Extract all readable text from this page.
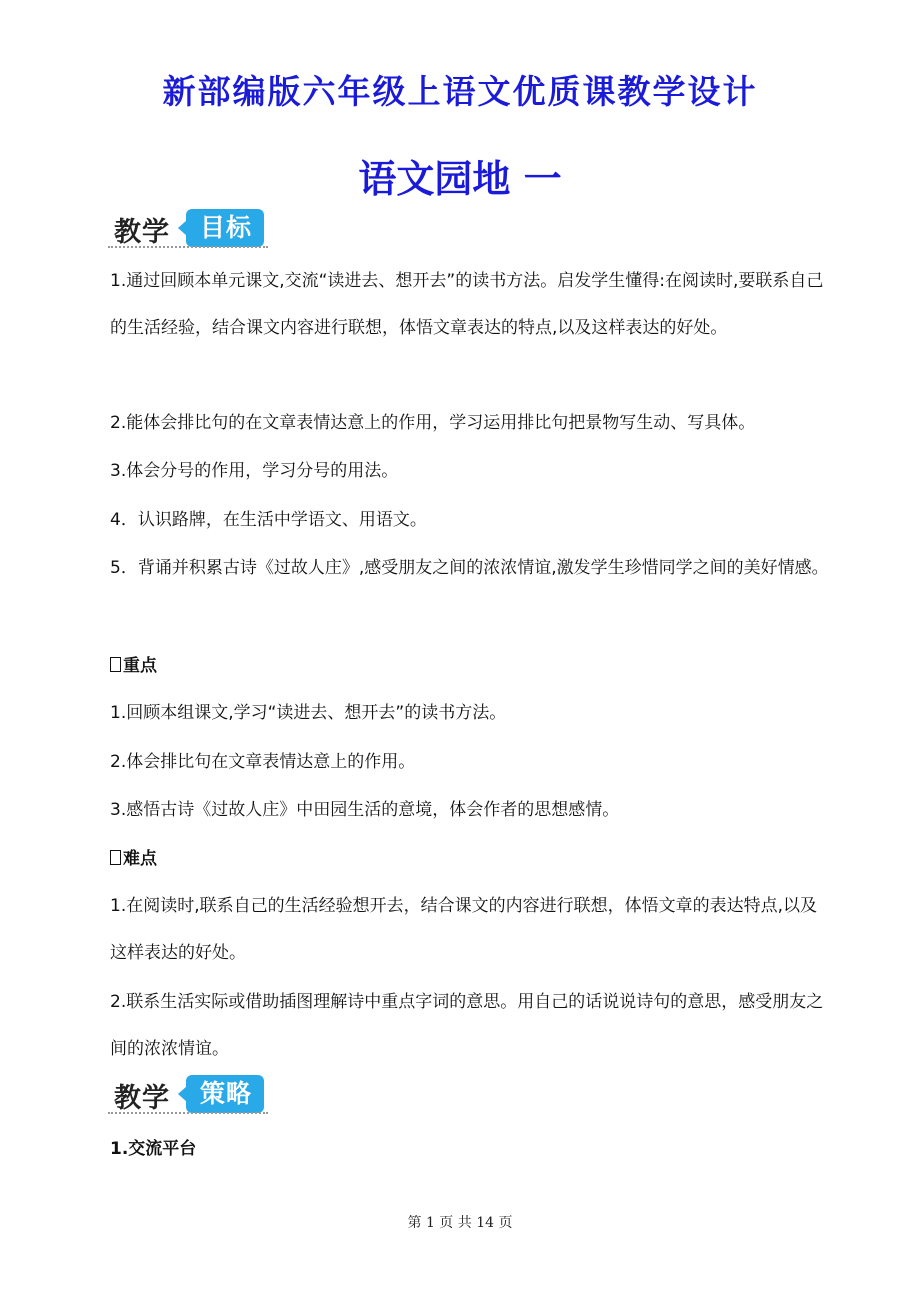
新部编版六年级上语文优质课教学设计
语文园地 一
教学	目标

1.通过回顾本单元课文,交流“读进去、想开去”的读书方法。启发学生懂得:在阅读时,要联系自己的生活经验，结合课文内容进行联想，体悟文章表达的特点,以及这样表达的好处。

2.能体会排比句的在文章表情达意上的作用，学习运用排比句把景物写生动、写具体。

3.体会分号的作用，学习分号的用法。

4．认识路牌，在生活中学语文、用语文。

5．背诵并积累古诗《过故人庄》,感受朋友之间的浓浓情谊,激发学生珍惜同学之间的美好情感。

重点

1.回顾本组课文,学习“读进去、想开去”的读书方法。

2.体会排比句在文章表情达意上的作用。

3.感悟古诗《过故人庄》中田园生活的意境，体会作者的思想感情。

难点

1.在阅读时,联系自己的生活经验想开去，结合课文的内容进行联想，体悟文章的表达特点,以及这样表达的好处。

2.联系生活实际或借助插图理解诗中重点字词的意思。用自己的话说说诗句的意思，感受朋友之间的浓浓情谊。

教学	策略
1.交流平台
第 1 页 共 14 页
